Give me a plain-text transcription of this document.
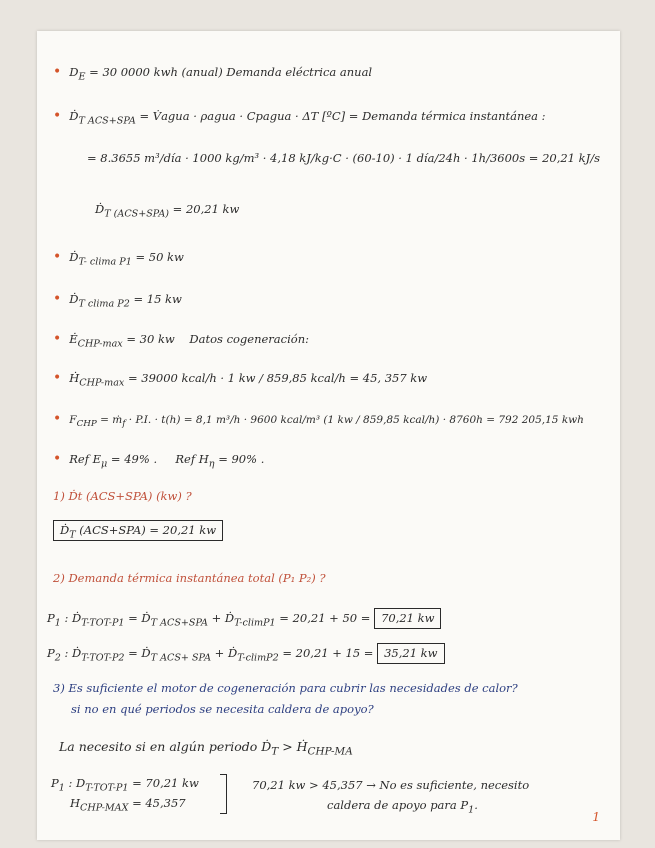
• $D_E = 30$ 0000 kwh (anual) Demanda eléctrica anual
• Ḋ$_{T ACS+SPA}$ = V̇agua · ρagua · Cpagua · ΔT [ºC] = Demanda térmica instantánea :
= 8.3655 m³/día · 1000 kg/m³ · 4,18 kJ/kg·C · (60-10) · 1 día/24h · 1h/3600s = 20,21 kJ/s
Ḋ$_{T (ACS+SPA)}$ = 20,21 kw
• Ḋ$_{T- clima P1}$ = 50 kw
• Ḋ$_{T clima P2}$ = 15 kw
• $Ė_{CHP-max} = 30$ kw    Datos cogeneración:
• Ḣ$_{CHP-max}$ = 39000 kcal/h · 1 kw / 859,85 kcal/h = 45, 357 kw
• $F_{CHP}$ = ṁ$_f$ · P.I. · t(h) = 8,1 m³/h · 9600 kcal/m³ (1 kw / 859,85 kcal/h) · 8760h = 792 205,15 kwh
• Ref $E_\mu = 49\%$ .     Ref $H_\eta = 90\%$ .
1) Ḋt (ACS+SPA) (kw) ?
Ḋ$_T$ (ACS+SPA) = 20,21 kw
2) Demanda térmica instantánea total (P₁ P₂) ?
$P_1$ : Ḋ$_{T-TOT-P1}$ = Ḋ$_{T ACS+SPA}$ + Ḋ$_{T-climP1}$ = 20,21 + 50 = 70,21 kw
$P_2$ : Ḋ$_{T-TOT-P2}$ = Ḋ$_{T ACS+ SPA}$ + Ḋ$_{T-climP2}$ = 20,21 + 15 = 35,21 kw
3) Es suficiente el motor de cogeneración para cubrir las necesidades de calor?
si no en qué periodos se necesita caldera de apoyo?
La necesito si en algún periodo Ḋ$_T$ > Ḣ$_{CHP-MA}$
$P_1$ : $D_{T-TOT-P1} = 70,21$ kw
$H_{CHP-MAX} = 45,357$
70,21 kw > 45,357 → No es suficiente, necesito
caldera de apoyo para $P_1$.
1
